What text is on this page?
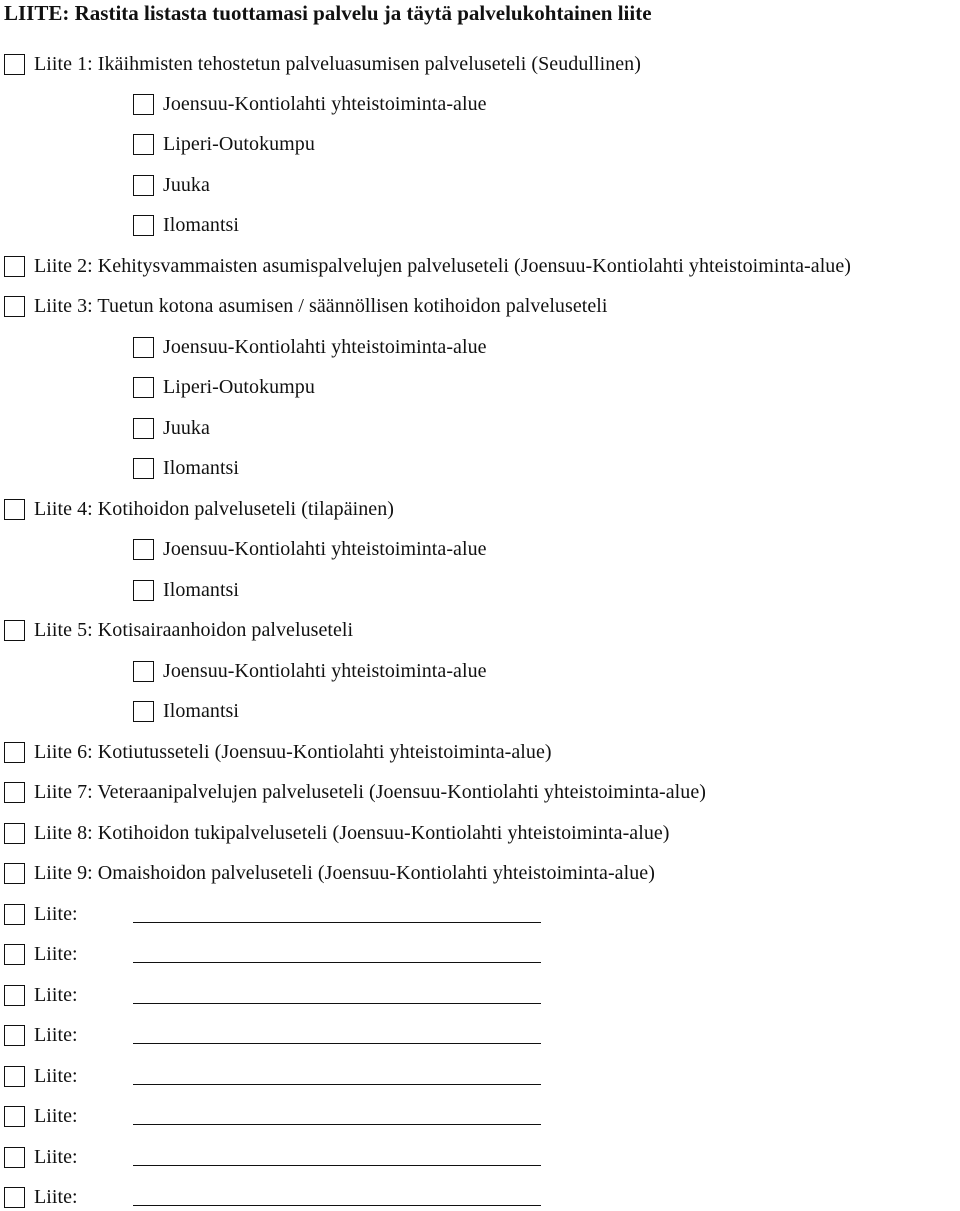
LIITE: Rastita listasta tuottamasi palvelu ja täytä palvelukohtainen liite
Liite 1: Ikäihmisten tehostetun palveluasumisen palveluseteli (Seudullinen)
Joensuu-Kontiolahti yhteistoiminta-alue
Liperi-Outokumpu
Juuka
Ilomantsi
Liite 2: Kehitysvammaisten asumispalvelujen palveluseteli (Joensuu-Kontiolahti yhteistoiminta-alue)
Liite 3: Tuetun kotona asumisen / säännöllisen kotihoidon palveluseteli
Joensuu-Kontiolahti yhteistoiminta-alue
Liperi-Outokumpu
Juuka
Ilomantsi
Liite 4: Kotihoidon palveluseteli (tilapäinen)
Joensuu-Kontiolahti yhteistoiminta-alue
Ilomantsi
Liite 5: Kotisairaanhoidon palveluseteli
Joensuu-Kontiolahti yhteistoiminta-alue
Ilomantsi
Liite 6: Kotiutusseteli (Joensuu-Kontiolahti yhteistoiminta-alue)
Liite 7: Veteraanipalvelujen palveluseteli (Joensuu-Kontiolahti yhteistoiminta-alue)
Liite 8: Kotihoidon tukipalveluseteli (Joensuu-Kontiolahti yhteistoiminta-alue)
Liite 9: Omaishoidon palveluseteli (Joensuu-Kontiolahti yhteistoiminta-alue)
Liite:
Liite:
Liite:
Liite:
Liite:
Liite:
Liite:
Liite:
